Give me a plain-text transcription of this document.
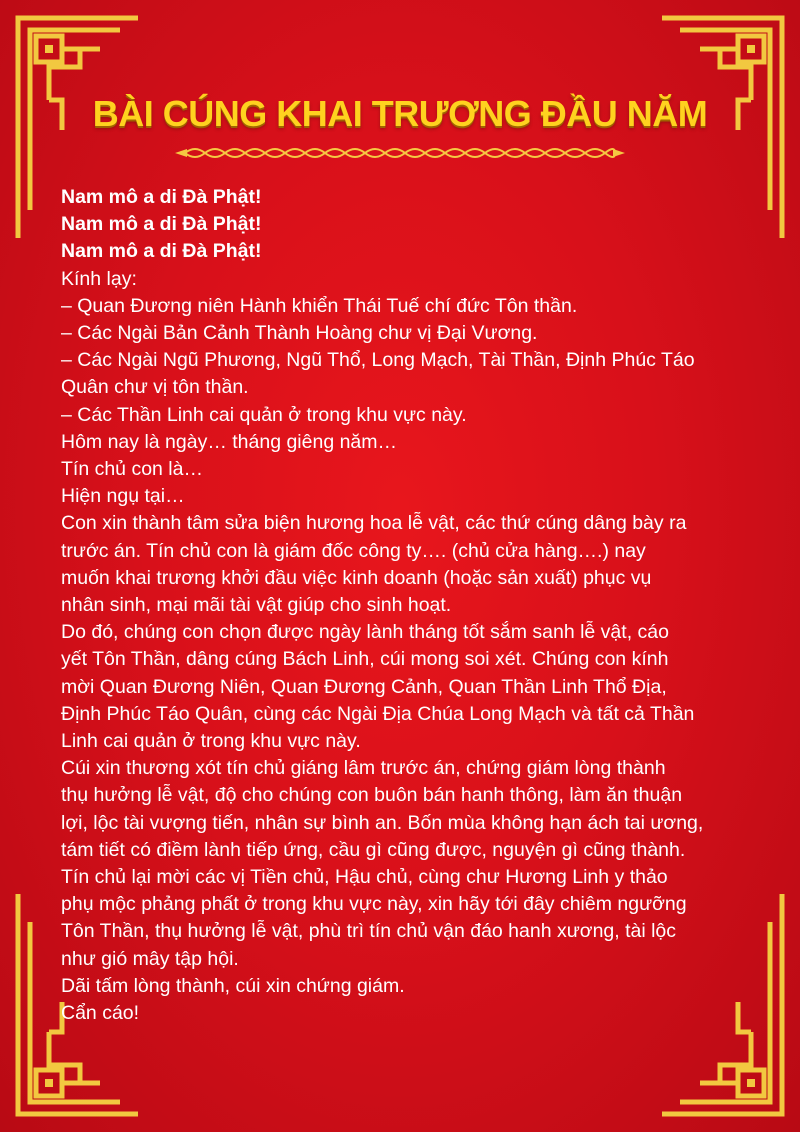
BÀI CÚNG KHAI TRƯƠNG ĐẦU NĂM
Nam mô a di Đà Phật!
Nam mô a di Đà Phật!
Nam mô a di Đà Phật!
Kính lạy:
– Quan Đương niên Hành khiển Thái Tuế chí đức Tôn thần.
– Các Ngài Bản Cảnh Thành Hoàng chư vị Đại Vương.
– Các Ngài Ngũ Phương, Ngũ Thổ, Long Mạch, Tài Thần, Định Phúc Táo
Quân chư vị tôn thần.
– Các Thần Linh cai quản ở trong khu vực này.
Hôm nay là ngày… tháng giêng năm…
Tín chủ con là…
Hiện ngụ tại…
Con xin thành tâm sửa biện hương hoa lễ vật, các thứ cúng dâng bày ra
trước án. Tín chủ con là giám đốc công ty…. (chủ cửa hàng….) nay
muốn khai trương khởi đầu việc kinh doanh (hoặc sản xuất) phục vụ
nhân sinh, mại mãi tài vật giúp cho sinh hoạt.
Do đó, chúng con chọn được ngày lành tháng tốt sắm sanh lễ vật, cáo
yết Tôn Thần, dâng cúng Bách Linh, cúi mong soi xét. Chúng con kính
mời Quan Đương Niên, Quan Đương Cảnh, Quan Thần Linh Thổ Địa,
Định Phúc Táo Quân, cùng các Ngài Địa Chúa Long Mạch và tất cả Thần
Linh cai quản ở trong khu vực này.
Cúi xin thương xót tín chủ giáng lâm trước án, chứng giám lòng thành
thụ hưởng lễ vật, độ cho chúng con buôn bán hanh thông, làm ăn thuận
lợi, lộc tài vượng tiến, nhân sự bình an. Bốn mùa không hạn ách tai ương,
tám tiết có điềm lành tiếp ứng, cầu gì cũng được, nguyện gì cũng thành.
Tín chủ lại mời các vị Tiền chủ, Hậu chủ, cùng chư Hương Linh y thảo
phụ mộc phảng phất ở trong khu vực này, xin hãy tới đây chiêm ngưỡng
Tôn Thần, thụ hưởng lễ vật, phù trì tín chủ vận đáo hanh xương, tài lộc
như gió mây tập hội.
Dãi tấm lòng thành, cúi xin chứng giám.
Cẩn cáo!
